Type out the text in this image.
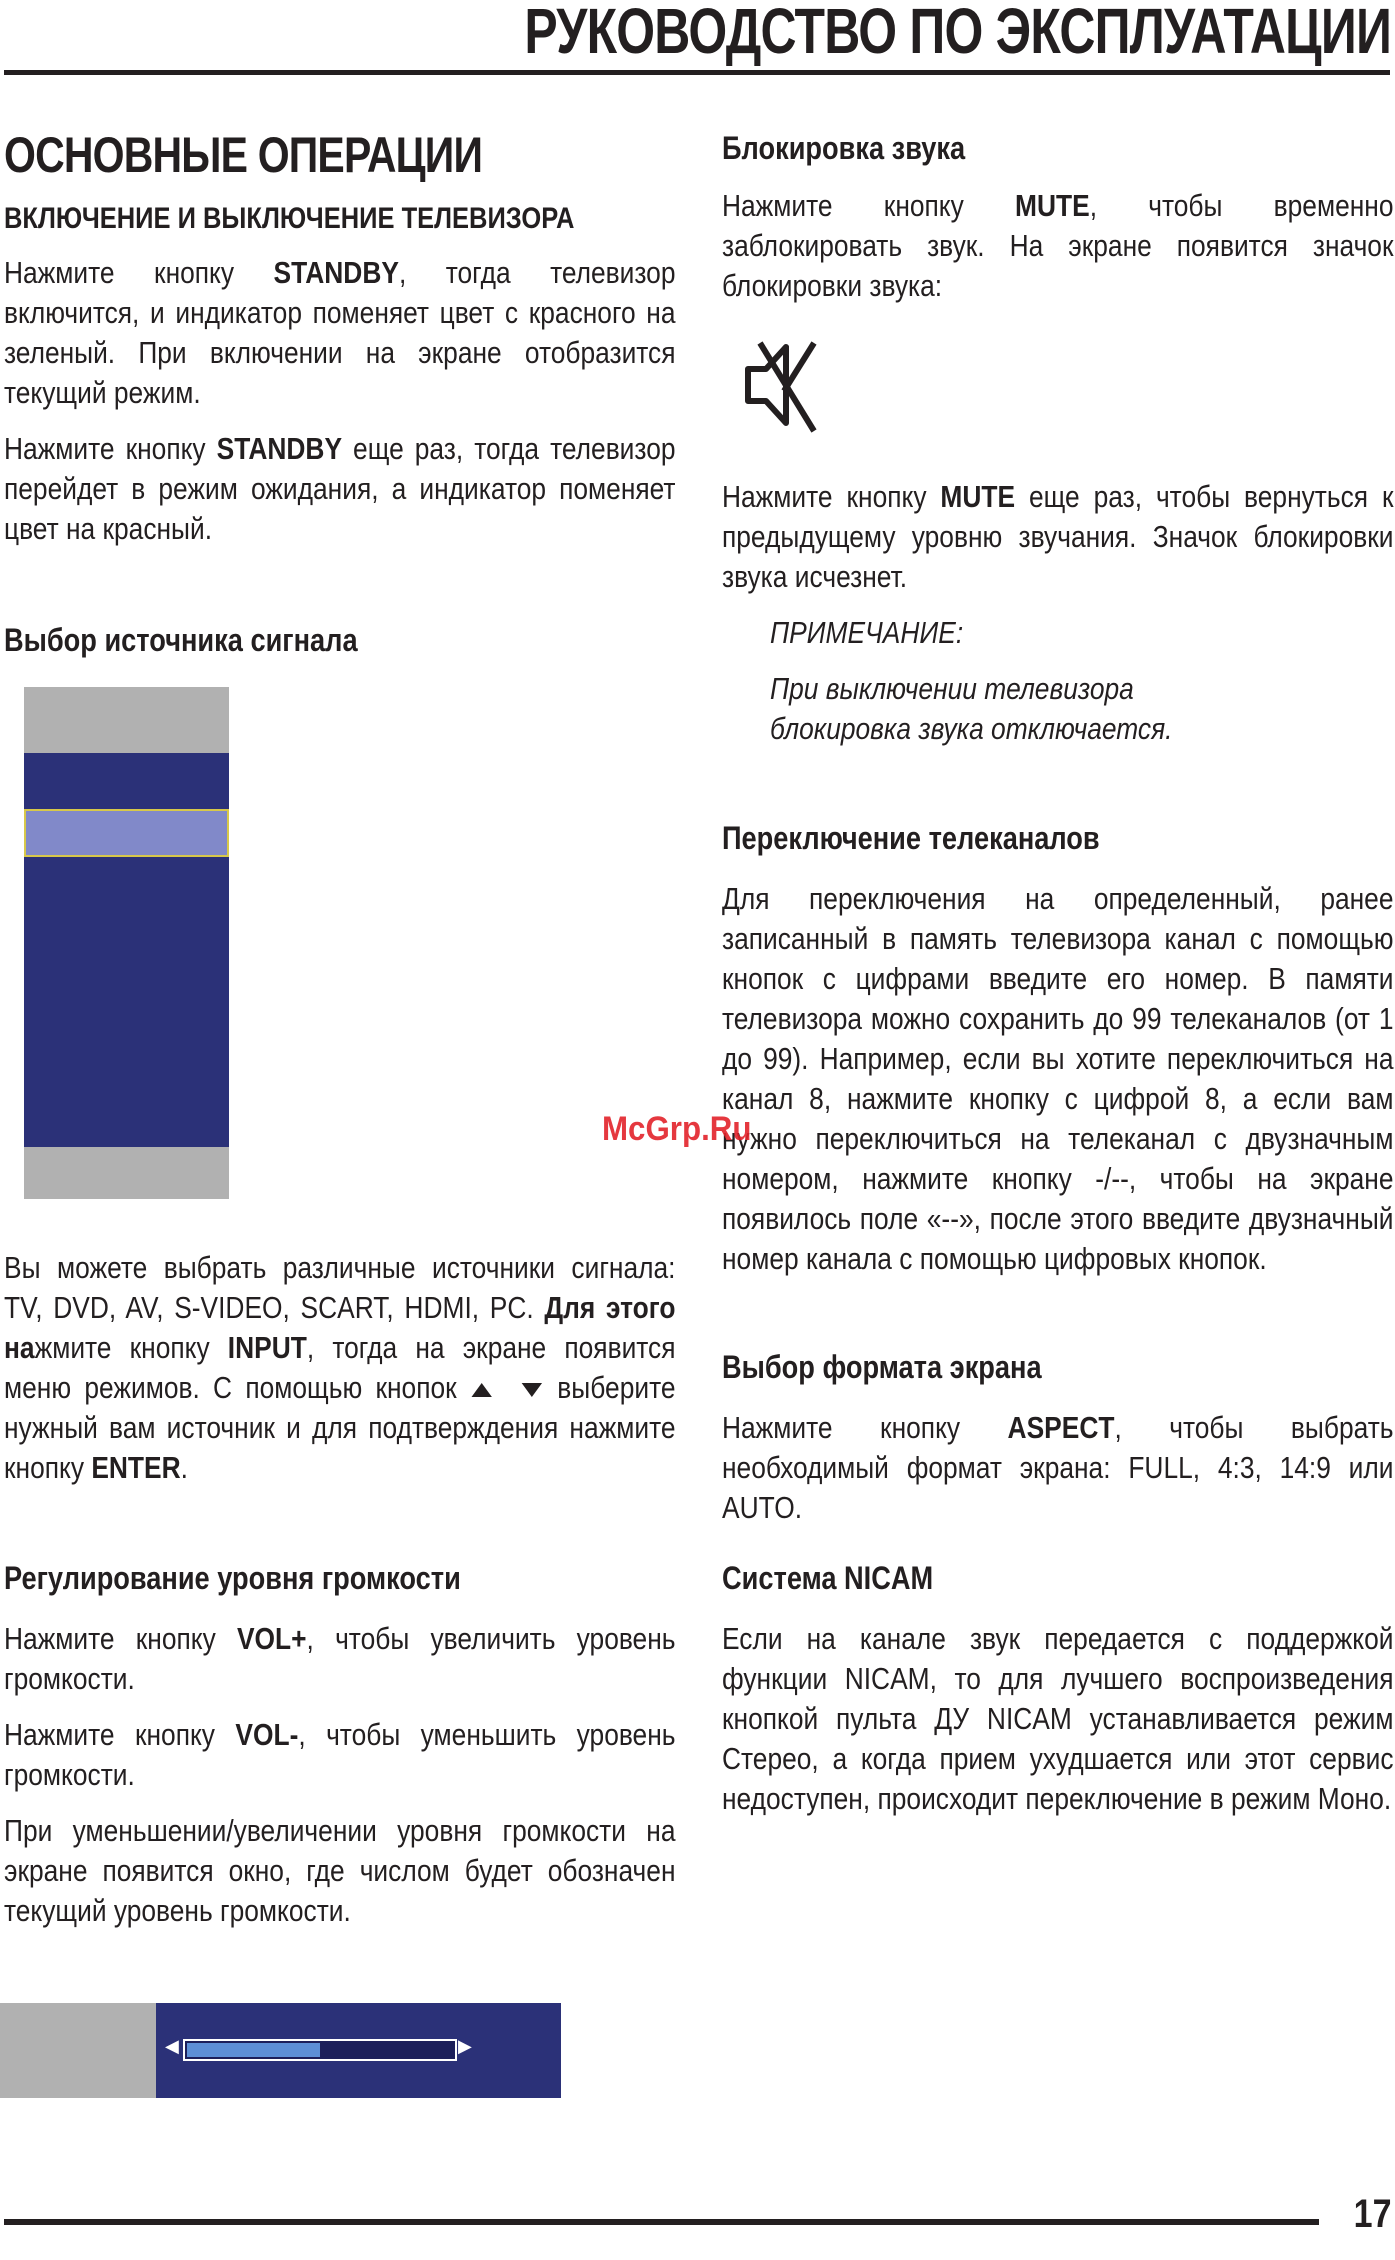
РУКОВОДСТВО ПО ЭКСПЛУАТАЦИИ
ОСНОВНЫЕ ОПЕРАЦИИ
ВКЛЮЧЕНИЕ И ВЫКЛЮЧЕНИЕ ТЕЛЕВИЗОРА

Нажмите кнопку STANDBY, тогда телевизор включится, и индикатор поменяет цвет с красного на зеленый. При включении на экране отобразится текущий режим.

Нажмите кнопку STANDBY еще раз, тогда телевизор перейдет в режим ожидания, а индикатор поменяет цвет на красный.

Выбор источника сигнала

Вы можете выбрать различные источники сигнала: TV, DVD, AV, S-VIDEO, SCART, HDMI, PC. Для этого нажмите кнопку INPUT, тогда на экране появится меню режимов. С помощью кнопок    выберите нужный вам источник и для подтверждения нажмите кнопку ENTER.

Регулирование уровня громкости

Нажмите кнопку VOL+, чтобы увеличить уровень громкости.

Нажмите кнопку VOL-, чтобы уменьшить уровень громкости.

При уменьшении/увеличении уровня громкости на экране появится окно, где числом будет обозначен текущий уровень громкости.

◀	▶
Блокировка звука

Нажмите кнопку MUTE, чтобы временно заблокировать звук. На экране появится значок блокировки звука:

Нажмите кнопку MUTE еще раз, чтобы вернуться к предыдущему уровню звучания. Значок блокировки звука исчезнет.

ПРИМЕЧАНИЕ:

При выключении телевизора блокировка звука отключается.

Переключение телеканалов

Для переключения на определенный, ранее записанный в память телевизора канал с помощью кнопок с цифрами введите его номер. В памяти телевизора можно сохранить до 99 телеканалов (от 1 до 99). Например, если вы хотите переключиться на канал 8, нажмите кнопку с цифрой 8, а если вам нужно переключиться на телеканал с двузначным номером, нажмите кнопку -/--, чтобы на экране появилось поле «--», после этого введите двузначный номер канала с помощью цифровых кнопок.

Выбор формата экрана

Нажмите кнопку ASPECT, чтобы выбрать необходимый формат экрана: FULL, 4:3, 14:9 или AUTO.

Система NICAM

Если на канале звук передается с поддержкой функции NICAM, то для лучшего воспроизведения кнопкой пульта ДУ NICAM устанавливается режим Стерео, а когда прием ухудшается или этот сервис недоступен, происходит переключение в режим Моно.

McGrp.Ru
17
